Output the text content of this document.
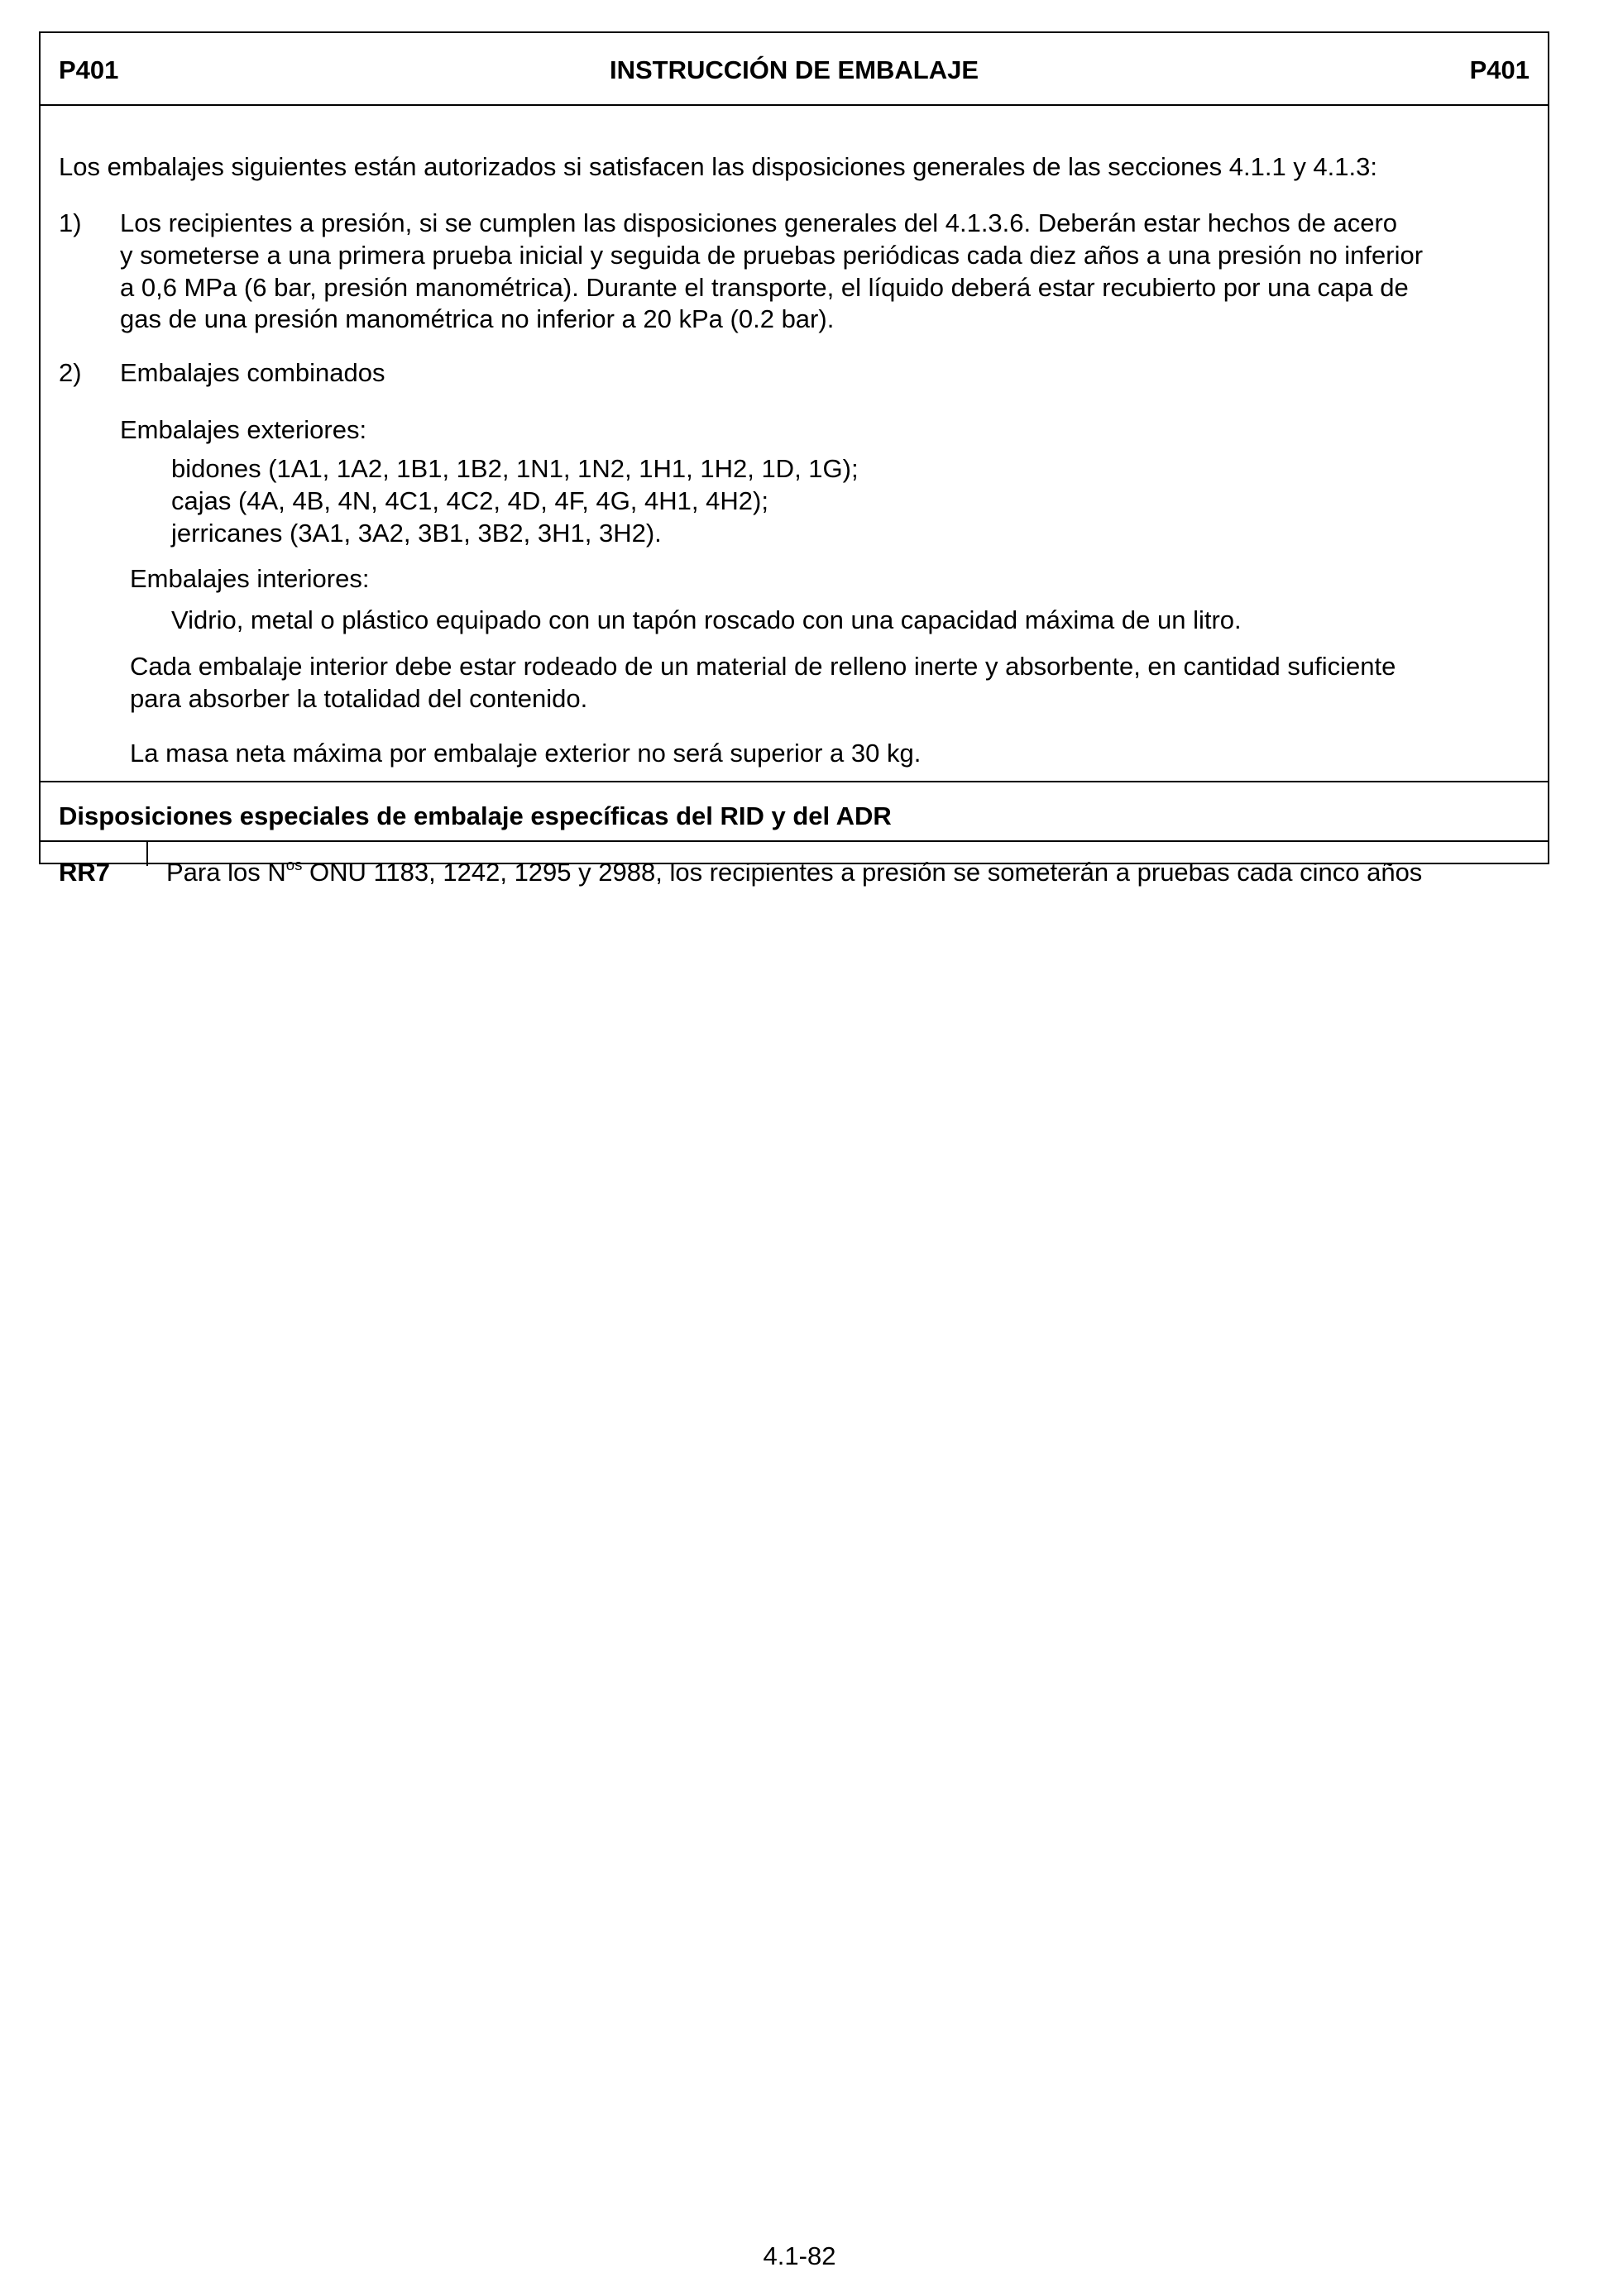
P401	INSTRUCCIÓN DE EMBALAJE	P401
Los embalajes siguientes están autorizados si satisfacen las disposiciones generales de las secciones 4.1.1 y 4.1.3:
1) Los recipientes a presión, si se cumplen las disposiciones generales del 4.1.3.6. Deberán estar hechos de acero
y someterse a una primera prueba inicial y seguida de pruebas periódicas cada diez años a una presión no inferior
a 0,6 MPa (6 bar, presión manométrica). Durante el transporte, el líquido deberá estar recubierto por una capa de
gas de una presión manométrica no inferior a 20 kPa (0.2 bar).
2) Embalajes combinados
Embalajes exteriores:
bidones (1A1, 1A2, 1B1, 1B2, 1N1, 1N2, 1H1, 1H2, 1D, 1G);
cajas (4A, 4B, 4N, 4C1, 4C2, 4D, 4F, 4G, 4H1, 4H2);
jerricanes (3A1, 3A2, 3B1, 3B2, 3H1, 3H2).
Embalajes interiores:
Vidrio, metal o plástico equipado con un tapón roscado con una capacidad máxima de un litro.
Cada embalaje interior debe estar rodeado de un material de relleno inerte y absorbente, en cantidad suficiente
para absorber la totalidad del contenido.
La masa neta máxima por embalaje exterior no será superior a 30 kg.
Disposiciones especiales de embalaje específicas del RID y del ADR
RR7 Para los $N^{os}$ ONU 1183, 1242, 1295 y 2988, los recipientes a presión se someterán a pruebas cada cinco años
4.1-82
